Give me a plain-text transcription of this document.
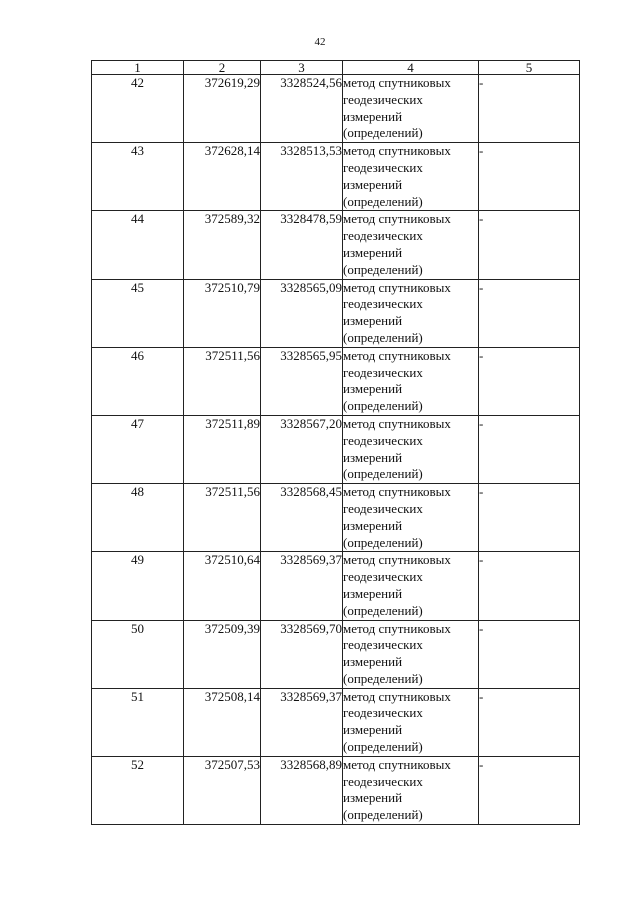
42
1	2	3	4	5
42	372619,29	3328524,56	метод спутниковых
геодезических
измерений
(определений)	-
43	372628,14	3328513,53	метод спутниковых
геодезических
измерений
(определений)	-
44	372589,32	3328478,59	метод спутниковых
геодезических
измерений
(определений)	-
45	372510,79	3328565,09	метод спутниковых
геодезических
измерений
(определений)	-
46	372511,56	3328565,95	метод спутниковых
геодезических
измерений
(определений)	-
47	372511,89	3328567,20	метод спутниковых
геодезических
измерений
(определений)	-
48	372511,56	3328568,45	метод спутниковых
геодезических
измерений
(определений)	-
49	372510,64	3328569,37	метод спутниковых
геодезических
измерений
(определений)	-
50	372509,39	3328569,70	метод спутниковых
геодезических
измерений
(определений)	-
51	372508,14	3328569,37	метод спутниковых
геодезических
измерений
(определений)	-
52	372507,53	3328568,89	метод спутниковых
геодезических
измерений
(определений)	-
